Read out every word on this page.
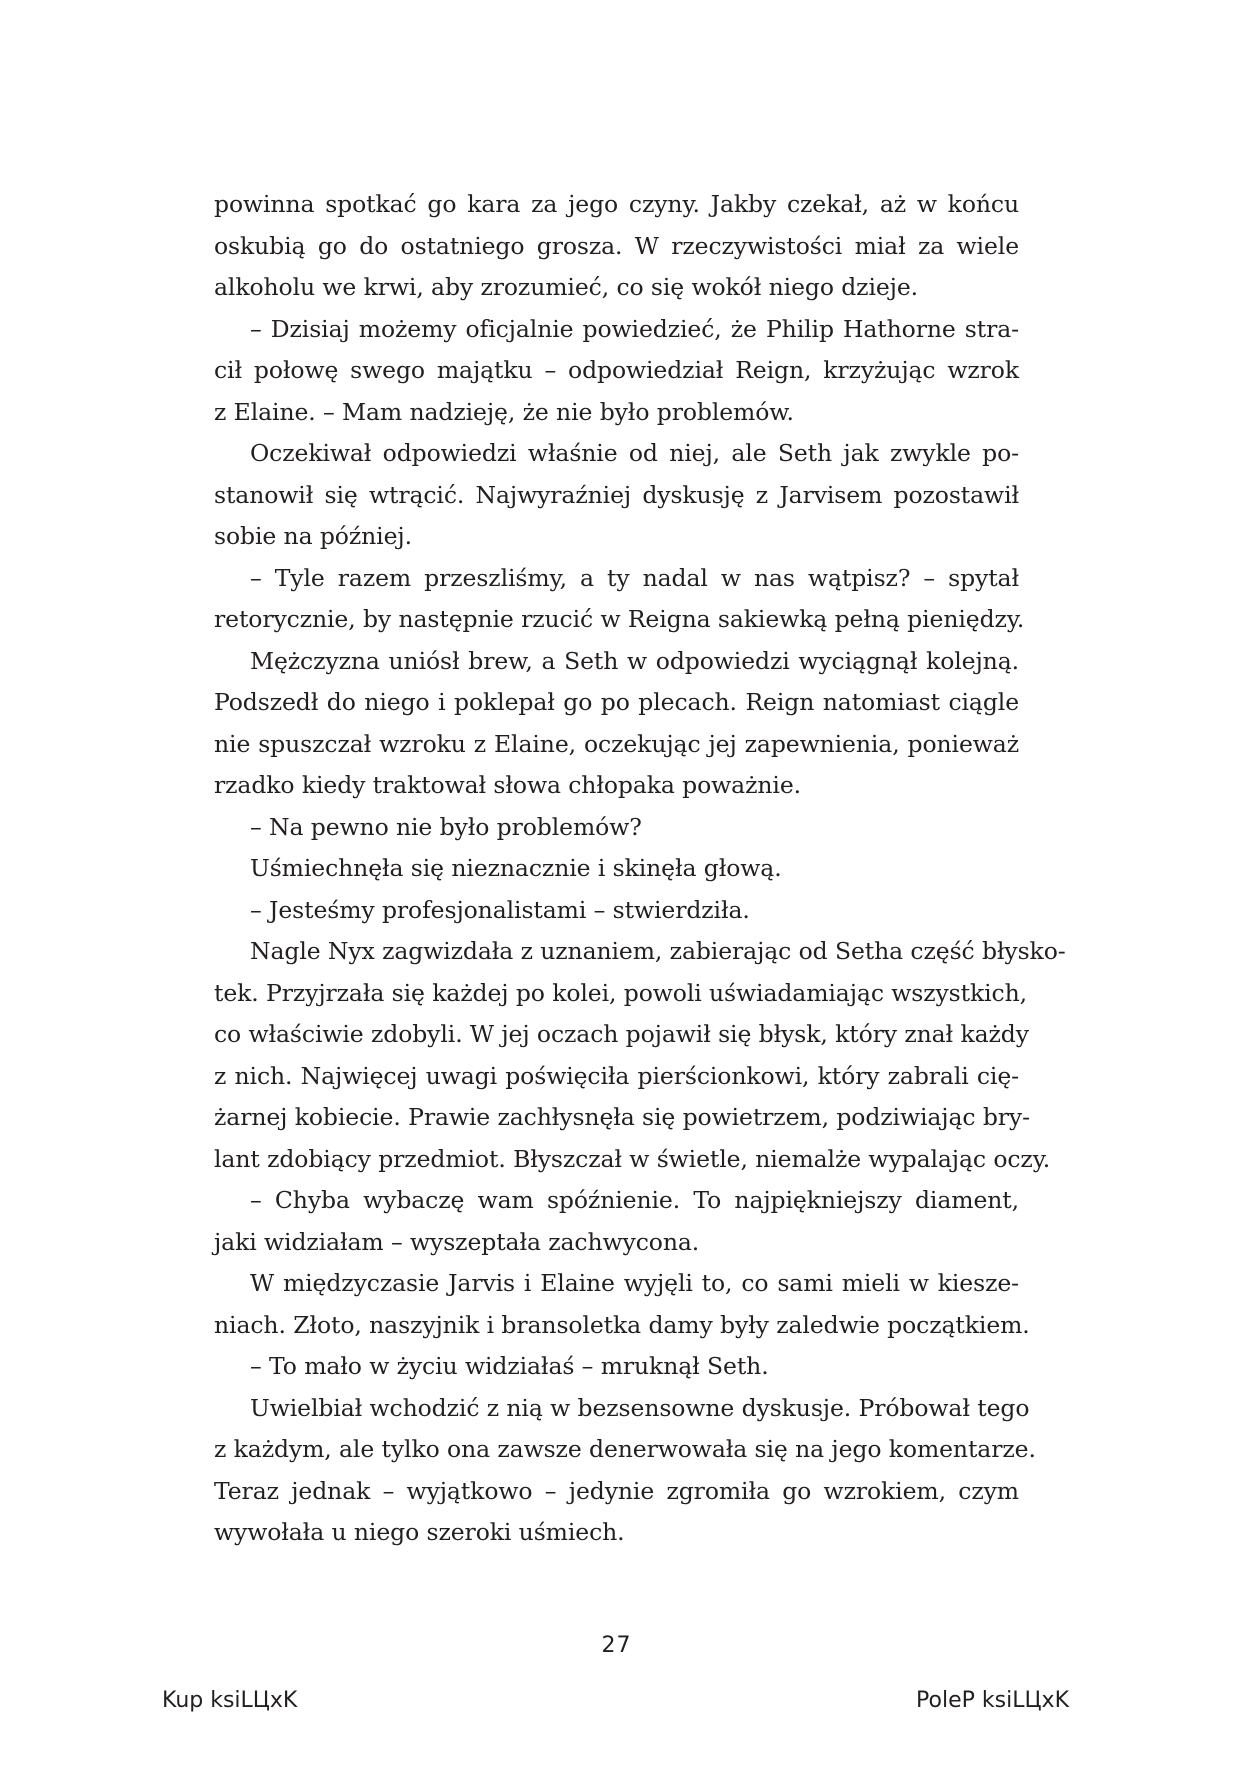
powinna spotkać go kara za jego czyny. Jakby czekał, aż w końcu
oskubią go do ostatniego grosza. W rzeczywistości miał za wiele
alkoholu we krwi, aby zrozumieć, co się wokół niego dzieje.
– Dzisiaj możemy oficjalnie powiedzieć, że Philip Hathorne stra-
cił połowę swego majątku – odpowiedział Reign, krzyżując wzrok
z Elaine. – Mam nadzieję, że nie było problemów.
Oczekiwał odpowiedzi właśnie od niej, ale Seth jak zwykle po-
stanowił się wtrącić. Najwyraźniej dyskusję z Jarvisem pozostawił
sobie na później.
– Tyle razem przeszliśmy, a ty nadal w nas wątpisz? – spytał
retorycznie, by następnie rzucić w Reigna sakiewką pełną pieniędzy.
Mężczyzna uniósł brew, a Seth w odpowiedzi wyciągnął kolejną.
Podszedł do niego i poklepał go po plecach. Reign natomiast ciągle
nie spuszczał wzroku z Elaine, oczekując jej zapewnienia, ponieważ
rzadko kiedy traktował słowa chłopaka poważnie.
– Na pewno nie było problemów?
Uśmiechnęła się nieznacznie i skinęła głową.
– Jesteśmy profesjonalistami – stwierdziła.
Nagle Nyx zagwizdała z uznaniem, zabierając od Setha część błysko-
tek. Przyjrzała się każdej po kolei, powoli uświadamiając wszystkich,
co właściwie zdobyli. W jej oczach pojawił się błysk, który znał każdy
z nich. Najwięcej uwagi poświęciła pierścionkowi, który zabrali cię-
żarnej kobiecie. Prawie zachłysnęła się powietrzem, podziwiając bry-
lant zdobiący przedmiot. Błyszczał w świetle, niemalże wypalając oczy.
– Chyba wybaczę wam spóźnienie. To najpiękniejszy diament,
jaki widziałam – wyszeptała zachwycona.
W międzyczasie Jarvis i Elaine wyjęli to, co sami mieli w kiesze-
niach. Złoto, naszyjnik i bransoletka damy były zaledwie początkiem.
– To mało w życiu widziałaś – mruknął Seth.
Uwielbiał wchodzić z nią w bezsensowne dyskusje. Próbował tego
z każdym, ale tylko ona zawsze denerwowała się na jego komentarze.
Teraz jednak – wyjątkowo – jedynie zgromiła go wzrokiem, czym
wywołała u niego szeroki uśmiech.
27
Kup ksiLЦxK	PoleP ksiLЦxK
